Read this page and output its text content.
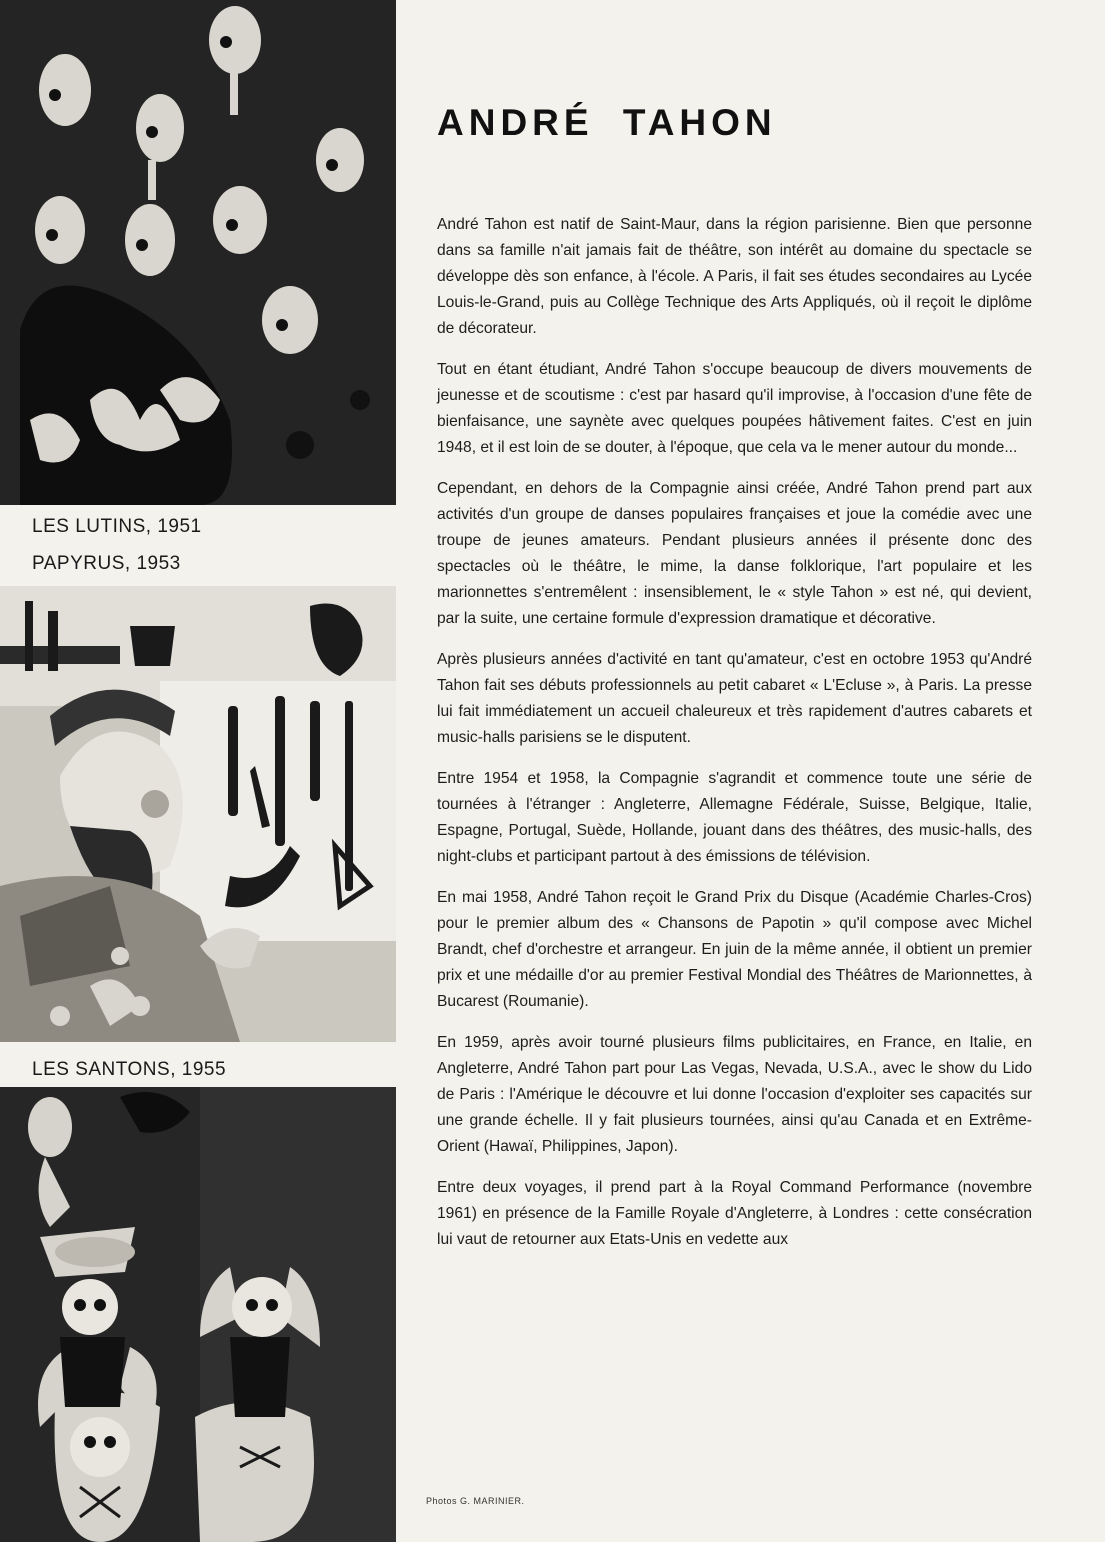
LES LUTINS, 1951
PAPYRUS, 1953
LES SANTONS, 1955
ANDRÉ TAHON

André Tahon est natif de Saint-Maur, dans la région parisienne. Bien que personne dans sa famille n'ait jamais fait de théâtre, son intérêt au domaine du spectacle se développe dès son enfance, à l'école. A Paris, il fait ses études secondaires au Lycée Louis-le-Grand, puis au Collège Technique des Arts Appliqués, où il reçoit le diplôme de décorateur.

Tout en étant étudiant, André Tahon s'occupe beaucoup de divers mouvements de jeunesse et de scoutisme : c'est par hasard qu'il improvise, à l'occasion d'une fête de bienfaisance, une saynète avec quelques poupées hâtivement faites. C'est en juin 1948, et il est loin de se douter, à l'époque, que cela va le mener autour du monde...

Cependant, en dehors de la Compagnie ainsi créée, André Tahon prend part aux activités d'un groupe de danses populaires françaises et joue la comédie avec une troupe de jeunes amateurs. Pendant plusieurs années il présente donc des spectacles où le théâtre, le mime, la danse folklorique, l'art populaire et les marionnettes s'entremêlent : insensiblement, le « style Tahon » est né, qui devient, par la suite, une certaine formule d'expression dramatique et décorative.

Après plusieurs années d'activité en tant qu'amateur, c'est en octobre 1953 qu'André Tahon fait ses débuts professionnels au petit cabaret « L'Ecluse », à Paris. La presse lui fait immédiatement un accueil chaleureux et très rapidement d'autres cabarets et music-halls parisiens se le disputent.

Entre 1954 et 1958, la Compagnie s'agrandit et commence toute une série de tournées à l'étranger : Angleterre, Allemagne Fédérale, Suisse, Belgique, Italie, Espagne, Portugal, Suède, Hollande, jouant dans des théâtres, des music-halls, des night-clubs et participant partout à des émissions de télévision.

En mai 1958, André Tahon reçoit le Grand Prix du Disque (Académie Charles-Cros) pour le premier album des « Chansons de Papotin » qu'il compose avec Michel Brandt, chef d'orchestre et arrangeur. En juin de la même année, il obtient un premier prix et une médaille d'or au premier Festival Mondial des Théâtres de Marionnettes, à Bucarest (Roumanie).

En 1959, après avoir tourné plusieurs films publicitaires, en France, en Italie, en Angleterre, André Tahon part pour Las Vegas, Nevada, U.S.A., avec le show du Lido de Paris : l'Amérique le découvre et lui donne l'occasion d'exploiter ses capacités sur une grande échelle. Il y fait plusieurs tournées, ainsi qu'au Canada et en Extrême-Orient (Hawaï, Philippines, Japon).

Entre deux voyages, il prend part à la Royal Command Performance (novembre 1961) en présence de la Famille Royale d'Angleterre, à Londres : cette consécration lui vaut de retourner aux Etats-Unis en vedette aux

Photos G. MARINIER.
